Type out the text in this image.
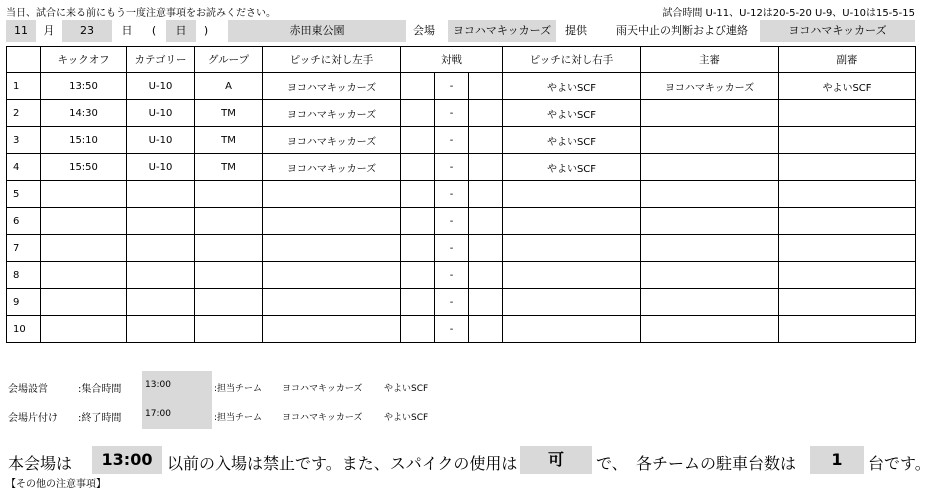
当日、試合に来る前にもう一度注意事項をお読みください。	試合時間 U-11、U-12は20-5-20 U-9、U-10は15-5-15
11	月	23	日	(	日	)	赤田東公園	会場	ヨコハマキッカーズ	提供	雨天中止の判断および連絡	ヨコハマキッカーズ
	キックオフ	カテゴリー	グループ	ピッチに対し左手	対戦			ピッチに対し右手	主審	副審
1	13:50	U-10	A	ヨコハマキッカーズ		-		やよいSCF	ヨコハマキッカーズ	やよいSCF
2	14:30	U-10	TM	ヨコハマキッカーズ		-		やよいSCF		
3	15:10	U-10	TM	ヨコハマキッカーズ		-		やよいSCF		
4	15:50	U-10	TM	ヨコハマキッカーズ		-		やよいSCF		
5						-				
6						-				
7						-				
8						-				
9						-				
10						-				
会場設営	:集合時間	13:00	:担当チーム ヨコハマキッカーズ やよいSCF
会場片付け :終了時間	17:00	:担当チーム ヨコハマキッカーズ やよいSCF
本会場は	13:00 以前の入場は禁止です。また、スパイクの使用は	可	で、 各チームの駐車台数は	1	台です。
【その他の注意事項】
